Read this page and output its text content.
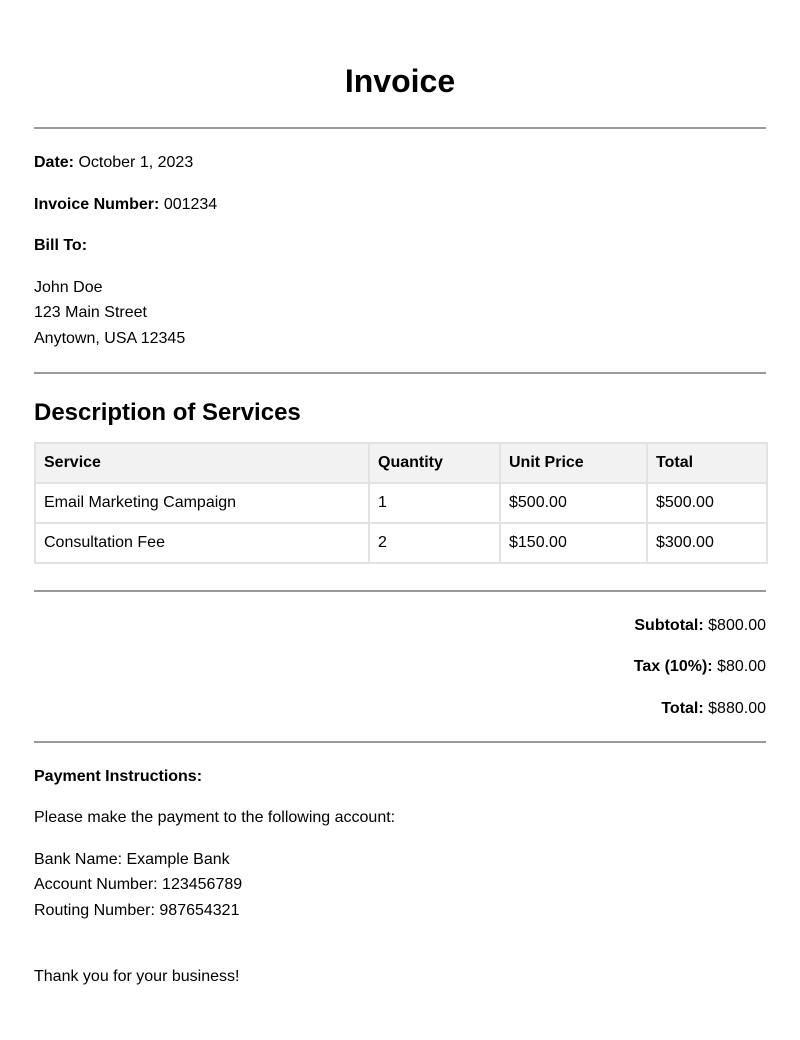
Invoice
Date: October 1, 2023
Invoice Number: 001234
Bill To:
John Doe
123 Main Street
Anytown, USA 12345
Description of Services
Service	Quantity	Unit Price	Total
Email Marketing Campaign	1	$500.00	$500.00
Consultation Fee	2	$150.00	$300.00
Subtotal: $800.00
Tax (10%): $80.00
Total: $880.00
Payment Instructions:
Please make the payment to the following account:
Bank Name: Example Bank
Account Number: 123456789
Routing Number: 987654321
Thank you for your business!
